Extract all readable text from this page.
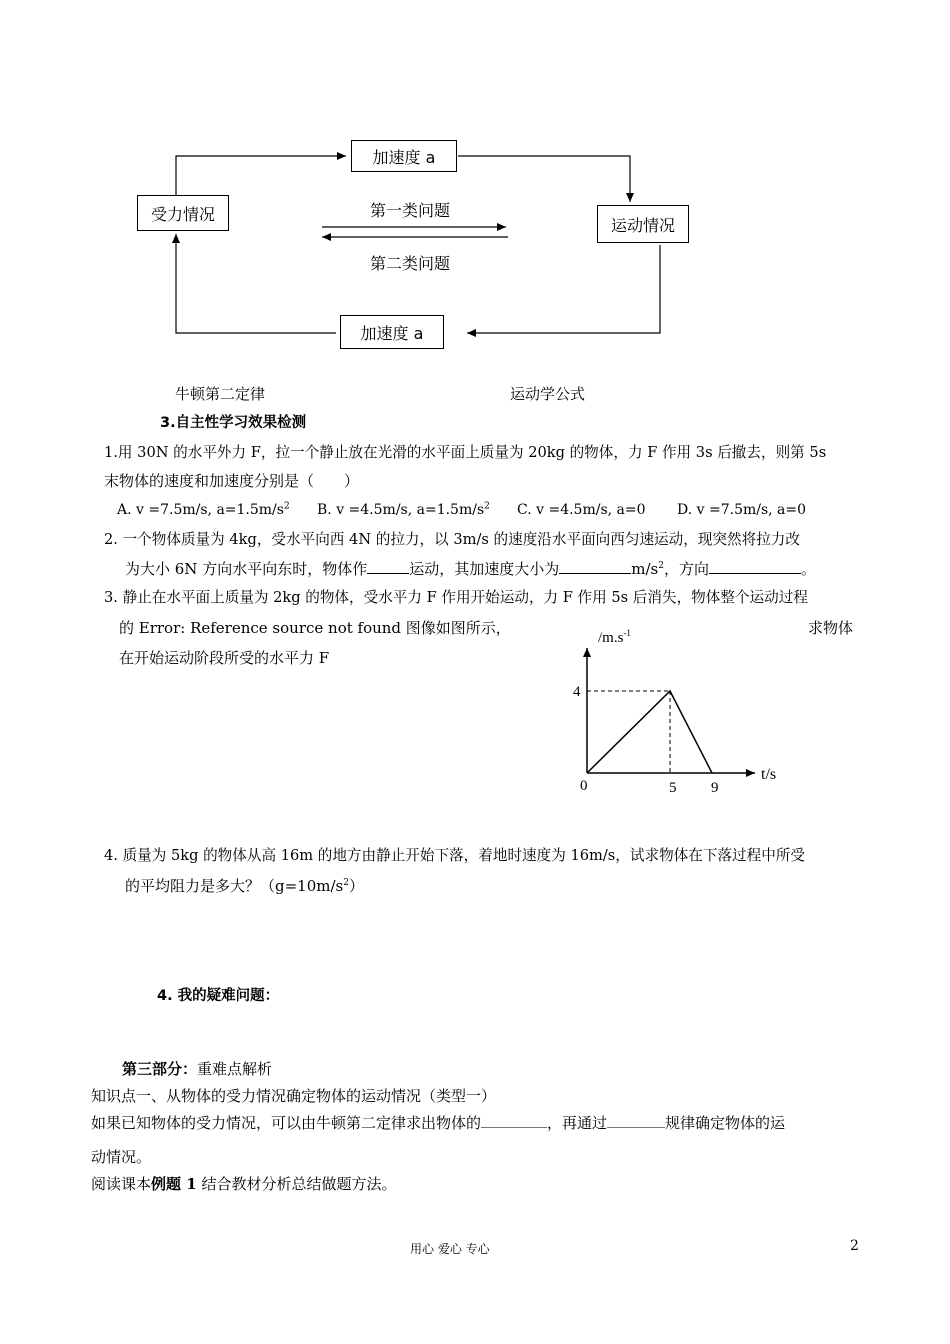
加速度 a
受力情况
运动情况
加速度 a
第一类问题
第二类问题
牛顿第二定律	运动学公式
3.自主性学习效果检测
1.用 30N 的水平外力 F，拉一个静止放在光滑的水平面上质量为 20kg 的物体，力 F 作用 3s 后撤去，则第 5s
末物体的速度和加速度分别是（　　）
A. v =7.5m/s, $a=1.5m/s^2$ B. v =4.5m/s, $a=1.5m/s^2$ C. v =4.5m/s, a=0 D. v =7.5m/s, a=0
2. 一个物体质量为 4kg，受水平向西 4N 的拉力，以 3m/s 的速度沿水平面向西匀速运动，现突然将拉力改
为大小 6N 方向水平向东时，物体作	运动，其加速度大小为	$m/s^2$，方向	。
3. 静止在水平面上质量为 2kg 的物体，受水平力 F 作用开始运动，力 F 作用 5s 后消失，物体整个运动过程
的 Error: Reference source not found 图像如图所示，	求物体
在开始运动阶段所受的水平力 F
$/m.s^{-1}$
t/s
4
0	5 9
4. 质量为 5kg 的物体从高 16m 的地方由静止开始下落，着地时速度为 16m/s，试求物体在下落过程中所受
的平均阻力是多大？$(g=10m/s^2)$
4. 我的疑难问题：
第三部分：重难点解析
知识点一、从物体的受力情况确定物体的运动情况（类型一）
如果已知物体的受力情况，可以由牛顿第二定律求出物体的	，再通过	规律确定物体的运
动情况。
阅读课本例题 1 结合教材分析总结做题方法。
用心 爱心 专心	2
